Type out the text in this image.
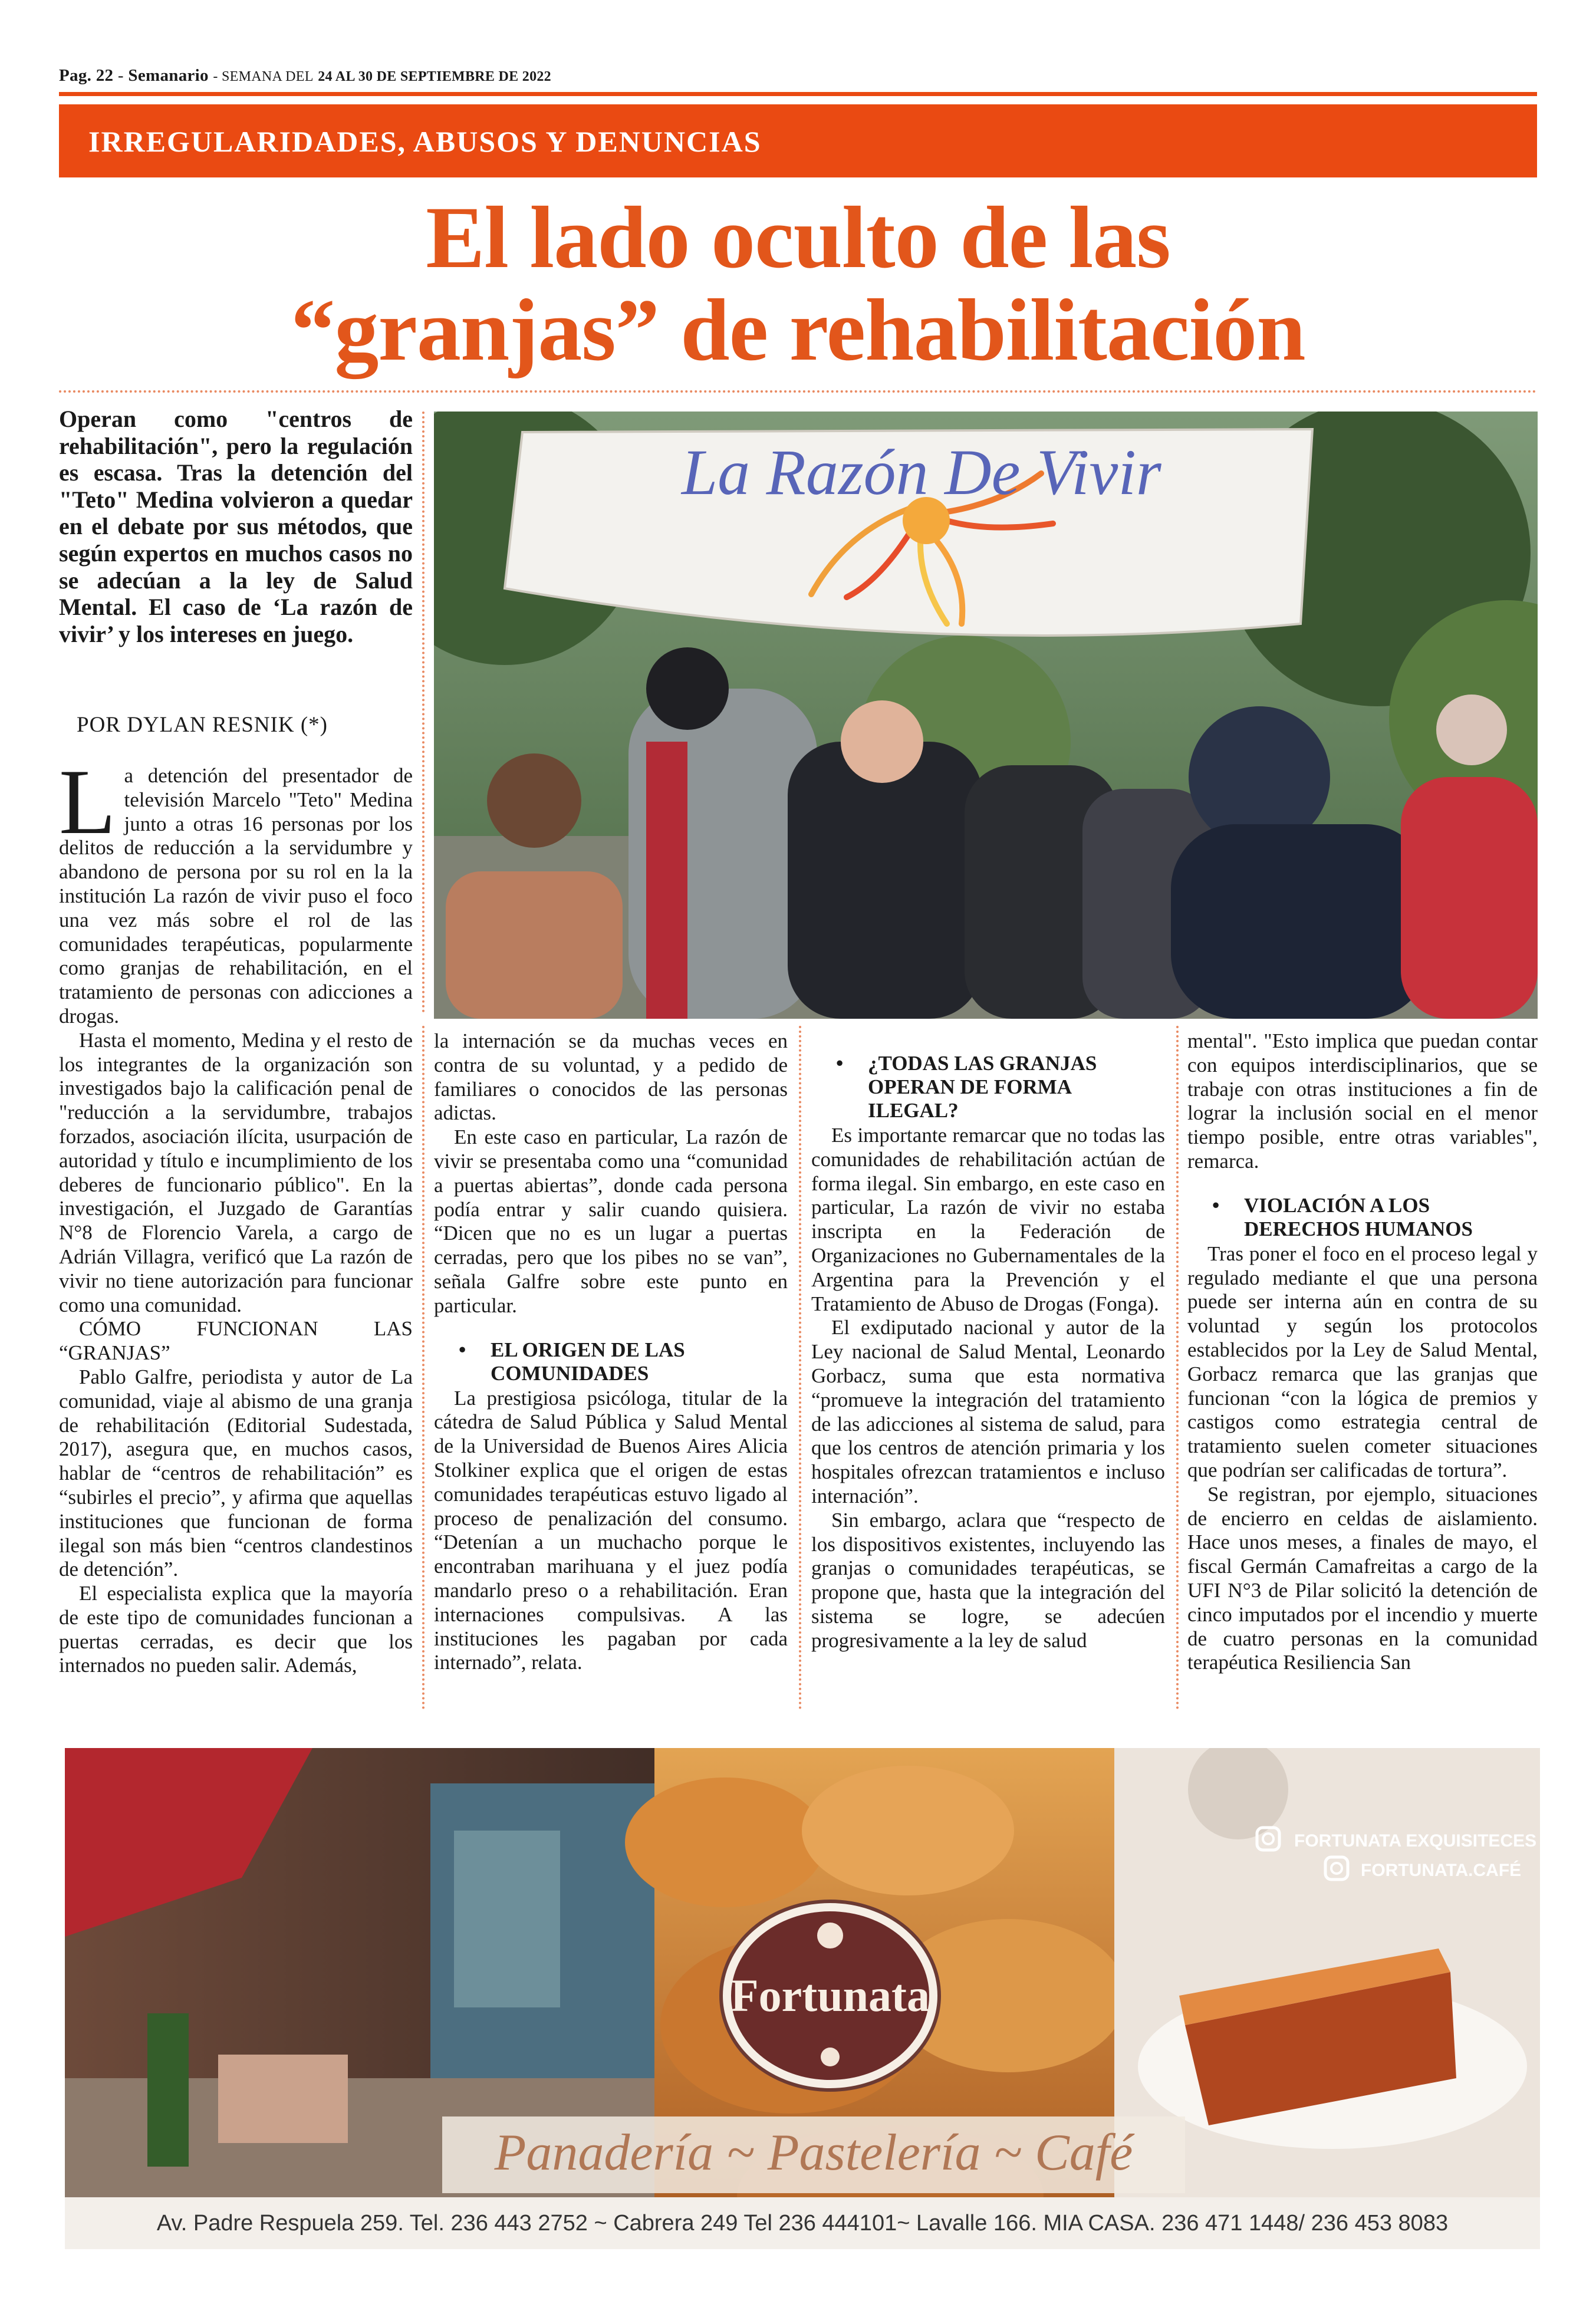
Pag. 22 - Semanario - SEMANA DEL 24 AL 30 DE SEPTIEMBRE DE 2022
IRREGULARIDADES, ABUSOS Y DENUNCIAS
El lado oculto de las
“granjas” de rehabilitación
Operan como "centros de rehabilitación", pero la regulación es escasa. Tras la detención del "Teto" Medina volvieron a quedar en el debate por sus métodos, que según expertos en muchos casos no se adecúan a la ley de Salud Mental. El caso de ‘La razón de vivir’ y los intereses en juego.
POR DYLAN RESNIK (*)
La Razón De Vivir

La detención del presentador de televisión Marcelo "Teto" Medina junto a otras 16 personas por los delitos de reducción a la servidumbre y abandono de persona por su rol en la la institución La razón de vivir puso el foco una vez más sobre el rol de las comunidades terapéuticas, popularmente como granjas de rehabilitación, en el tratamiento de personas con adicciones a drogas.

Hasta el momento, Medina y el resto de los integrantes de la organización son investigados bajo la calificación penal de "reducción a la servidumbre, trabajos forzados, asociación ilícita, usurpación de autoridad y título e incumplimiento de los deberes de funcionario público". En la investigación, el Juzgado de Garantías N°8 de Florencio Varela, a cargo de Adrián Villagra, verificó que La razón de vivir no tiene autorización para funcionar como una comunidad.

CÓMO FUNCIONAN LAS “GRANJAS”

Pablo Galfre, periodista y autor de La comunidad, viaje al abismo de una granja de rehabilitación (Editorial Sudestada, 2017), asegura que, en muchos casos, hablar de “centros de rehabilitación” es “subirles el precio”, y afirma que aquellas instituciones que funcionan de forma ilegal son más bien “centros clandestinos de detención”.

El especialista explica que la mayoría de este tipo de comunidades funcionan a puertas cerradas, es decir que los internados no pueden salir. Además,

la internación se da muchas veces en contra de su voluntad, y a pedido de familiares o conocidos de las personas adictas.

En este caso en particular, La razón de vivir se presentaba como una “comunidad a puertas abiertas”, donde cada persona podía entrar y salir cuando quisiera. “Dicen que no es un lugar a puertas cerradas, pero que los pibes no se van”, señala Galfre sobre este punto en particular.

• EL ORIGEN DE LAS COMUNIDADES

La prestigiosa psicóloga, titular de la cátedra de Salud Pública y Salud Mental de la Universidad de Buenos Aires Alicia Stolkiner explica que el origen de estas comunidades terapéuticas estuvo ligado al proceso de penalización del consumo. “Detenían a un muchacho porque le encontraban marihuana y el juez podía mandarlo preso o a rehabilitación. Eran internaciones compulsivas. A las instituciones les pagaban por cada internado”, relata.

• ¿TODAS LAS GRANJAS OPERAN DE FORMA ILEGAL?

Es importante remarcar que no todas las comunidades de rehabilitación actúan de forma ilegal. Sin embargo, en este caso en particular, La razón de vivir no estaba inscripta en la Federación de Organizaciones no Gubernamentales de la Argentina para la Prevención y el Tratamiento de Abuso de Drogas (Fonga).

El exdiputado nacional y autor de la Ley nacional de Salud Mental, Leonardo Gorbacz, suma que esta normativa “promueve la integración del tratamiento de las adicciones al sistema de salud, para que los centros de atención primaria y los hospitales ofrezcan tratamientos e incluso internación”.

Sin embargo, aclara que “respecto de los dispositivos existentes, incluyendo las granjas o comunidades terapéuticas, se propone que, hasta que la integración del sistema se logre, se adecúen progresivamente a la ley de salud

mental". "Esto implica que puedan contar con equipos interdisciplinarios, que se trabaje con otras instituciones a fin de lograr la inclusión social en el menor tiempo posible, entre otras variables", remarca.

• VIOLACIÓN A LOS DERECHOS HUMANOS

Tras poner el foco en el proceso legal y regulado mediante el que una persona puede ser interna aún en contra de su voluntad y según los protocolos establecidos por la Ley de Salud Mental, Gorbacz remarca que las granjas que funcionan “con la lógica de premios y castigos como estrategia central de tratamiento suelen cometer situaciones que podrían ser calificadas de tortura”.

Se registran, por ejemplo, situaciones de encierro en celdas de aislamiento. Hace unos meses, a finales de mayo, el fiscal Germán Camafreitas a cargo de la UFI N°3 de Pilar solicitó la detención de cinco imputados por el incendio y muerte de cuatro personas en la comunidad terapéutica Resiliencia San

Fortunata
FORTUNATA EXQUISITECES
FORTUNATA.CAFÉ
Panadería ~ Pastelería ~ Café
Av. Padre Respuela 259. Tel. 236 443 2752 ~ Cabrera 249 Tel 236 444101~ Lavalle 166. MIA CASA. 236 471 1448/ 236 453 8083
